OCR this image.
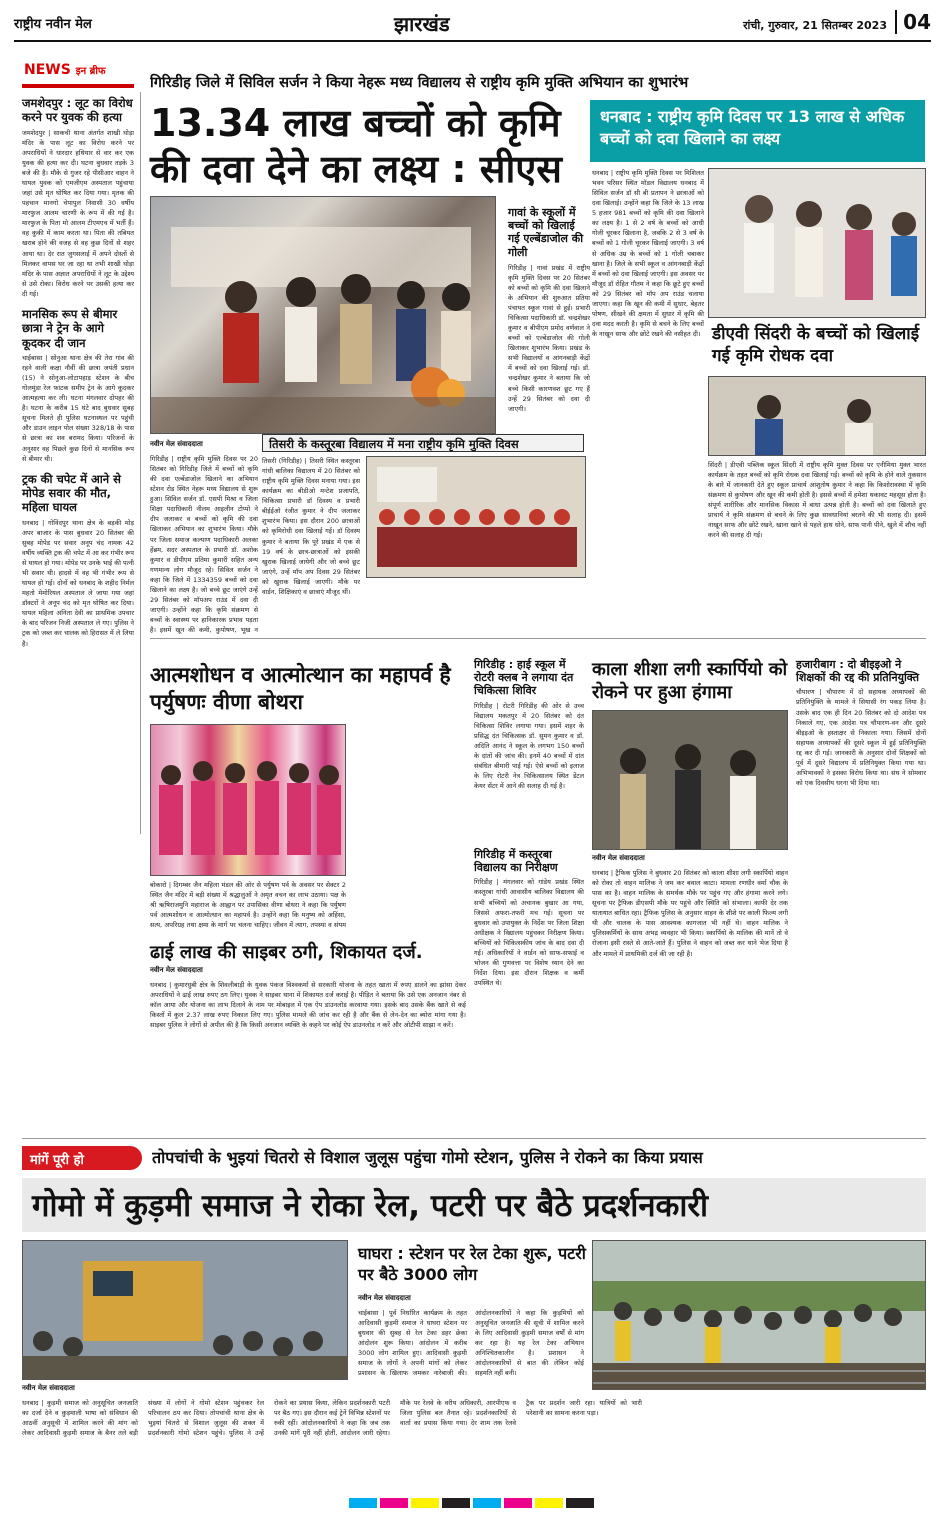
राष्ट्रीय नवीन मेल	झारखंड	रांची, गुरुवार, 21 सितम्बर 2023 04
NEWS इन ब्रीफ
गिरिडीह जिले में सिविल सर्जन ने किया नेहरू मध्य विद्यालय से राष्ट्रीय कृमि मुक्ति अभियान का शुभारंभ
जमशेदपुर : लूट का विरोध करने पर युवक की हत्या

जमशेदपुर | साकची थाना अंतर्गत शाखी घोड़ा मंदिर के पास लूट का विरोध करने पर अपराधियों ने धारदार हथियार से वार कर एक युवक की हत्या कर दी। घटना बुधवार तड़के 3 बजे की है। मौके से गुजर रहे पीसीआर वाहन ने घायल युवक को एमजीएम अस्पताल पहुंचाया जहां उसे मृत घोषित कर दिया गया। मृतक की पहचान मानगो चेपापुल निवासी 30 वर्षीय मारफुज आलम चारणी के रूप में की गई है। मारफुज के पिता मो आलम टीएमएच में भर्ती हैं। वह कुकी में काम करता था। पिता की तबियत खराब होने की वजह से वह कुछ दिनों से शहर आया था। देर रात जुगसलाई में अपने दोस्तों से मिलकर वापस घर जा रहा था तभी शाखी घोड़ा मंदिर के पास अज्ञात अपराधियों ने लूट के उद्देश्य से उसे रोका। विरोध करने पर उसकी हत्या कर दी गई।

मानसिक रूप से बीमार छात्रा ने ट्रेन के आगे कूदकर दी जान

चाईबासा | सोनुआ थाना क्षेत्र की तेरा गांव की रहने वाली कक्षा नौवीं की छात्रा जयंती प्रधान (15) ने सोनुआ-लोटापहाड़ स्टेशन के बीच गोलमुंडा रेल फाटक समीप ट्रेन के आगे कूदकर आत्महत्या कर ली। घटना मंगलवार दोपहर की है। घटना के करीब 15 घंटे बाद बुधवार सुबह सूचना मिलते ही पुलिस घटनास्थल पर पहुंची और डाउन लाइन पोल संख्या 328/18 के पास से छात्रा का शव बरामद किया। परिजनों के अनुसार वह पिछले कुछ दिनों से मानसिक रूप से बीमार थी।

ट्रक की चपेट में आने से मोपेड सवार की मौत, महिला घायल

धनबाद | गोविंदपुर थाना क्षेत्र के बड़की मोड़ अपर बाजार के पास बुधवार 20 सितंबर की सुबह मोपेड पर सवार अनूप चंद नामक 42 वर्षीय व्यक्ति ट्रक की चपेट में आ कर गंभीर रूप से घायल हो गया। मोपेड पर उनके भाई की पत्नी भी सवार थी। हादसे में वह भी गंभीर रूप से घायल हो गई। दोनों को धनबाद के शहीद निर्मल महतो मेमोरियल अस्पताल ले जाया गया जहां डॉक्टरों ने अनूप चंद को मृत घोषित कर दिया। घायल महिला अनिता देवी का प्राथमिक उपचार के बाद परिजन निजी अस्पताल ले गए। पुलिस ने ट्रक को जब्त कर चालक को हिरासत में ले लिया है।

13.34 लाख बच्चों को कृमि
की दवा देने का लक्ष्य : सीएस
नवीन मेल संवाददाता
गिरिडीह | राष्ट्रीय कृमि मुक्ति दिवस पर 20 सितंबर को गिरिडीह जिले में बच्चों को कृमि की दवा एल्बेंडाजोल खिलाने का अभियान स्टेशन रोड स्थित नेहरू मध्य विद्यालय से शुरू हुआ। सिविल सर्जन डॉ. एसपी मिश्रा व जिला शिक्षा पदाधिकारी नीलम आइलीन टोप्पो ने दीप जलाकर व बच्चों को कृमि की दवा खिलाकर अभियान का शुभारंभ किया। मौके पर जिला समाज कल्याण पदाधिकारी अलका हेंब्रम, सदर अस्पताल के प्रभारी डॉ. अशोक कुमार व डीपीएम प्रतिमा कुमारी सहित अन्य गणमान्य लोग मौजूद रहे। सिविल सर्जन ने कहा कि जिले में 1334359 बच्चों को दवा खिलाने का लक्ष्य है। जो बच्चे छूट जाएंगे उन्हें 29 सितंबर को मॉपअप राउंड में दवा दी जाएगी। उन्होंने कहा कि कृमि संक्रमण से बच्चों के स्वास्थ्य पर हानिकारक प्रभाव पड़ता है। इसमें खून की कमी, कुपोषण, भूख न
गावां के स्कूलों में बच्चों को खिलाई गई एल्बेंडाजोल की गोली
गिरिडीह | गावां प्रखंड में राष्ट्रीय कृमि मुक्ति दिवस पर 20 सितंबर को बच्चों को कृमि की दवा खिलाने के अभियान की शुरुआत प्रतिया पंचायत स्कूल गावां से हुई। प्रभारी चिकित्सा पदाधिकारी डॉ. चन्द्रशेखर कुमार व बीपीएम प्रमोद वर्णवाल ने बच्चों को एल्बेंडाजोल की गोली खिलाकर शुभारंभ किया। प्रखंड के सभी विद्यालयों व आंगनबाड़ी केंद्रों में बच्चों को दवा खिलाई गई। डॉ. चन्द्रशेखर कुमार ने बताया कि जो बच्चे किसी कारणवश छूट गए हैं उन्हें 29 सितंबर को दवा दी जाएगी।
तिसरी के कस्तूरबा विद्यालय में मना राष्ट्रीय कृमि मुक्ति दिवस
तिसरी (गिरिडीह) | तिसरी स्थित कस्तूरबा गांधी बालिका विद्यालय में 20 सितंबर को राष्ट्रीय कृमि मुक्ति दिवस मनाया गया। इस कार्यक्रम का बीडीओ मन्टेश प्रजापति, चिकित्सा प्रभारी डॉ दिवस्य व प्रभारी बीईईओ रंजीत कुमार ने दीप जलाकर शुभारंभ किया। इस दौरान 200 छात्राओं को कृमिरोधी दवा खिलाई गई। डॉ दिवस्य कुमार ने बताया कि पूरे प्रखंड में एक से 19 वर्ष के छात्र-छात्राओं को इसकी खुराक खिलाई जायेगी और जो बच्चे छूट जाएंगे, उन्हें मॉप अप दिवस 29 सितंबर को खुराक खिलाई जाएगी। मौके पर वार्डन, शिक्षिकाएं व छात्राएं मौजूद थीं।
धनबाद : राष्ट्रीय कृमि दिवस पर 13 लाख से अधिक बच्चों को दवा खिलाने का लक्ष्य
धनबाद | राष्ट्रीय कृमि मुक्ति दिवस पर मिशिलत भवन परिसर स्थित मॉडल विद्यालय धनबाद में सिविल सर्जन डॉ सी बी प्रतापन ने छात्राओं को दवा खिलाई। उन्होंने कहा कि जिले के 13 लाख 5 हजार 981 बच्चों को कृमि की दवा खिलाने का लक्ष्य है। 1 से 2 वर्ष के बच्चों को आधी गोली चूरकर खिलाना है, जबकि 2 से 3 वर्ष के बच्चों को 1 गोली चूरकर खिलाई जाएगी। 3 वर्ष से अधिक उम्र के बच्चों को 1 गोली चबाकर खाना है। जिले के सभी स्कूल व आंगनबाड़ी केंद्रों में बच्चों को दवा खिलाई जाएगी। इस अवसर पर मौजूद डॉ रोहित गौतम ने कहा कि छूटे हुए बच्चों को 29 सितंबर को मॉप अप राउंड चलाया जाएगा। कहा कि खून की कमी में सुधार, बेहतर पोषण, सीखने की क्षमता में सुधार में कृमि की दवा मदद करती है। कृमि से बचने के लिए बच्चों के नाखून साफ और छोटे रखने की नसीहत दी। डीएवी सिंदरी के बच्चों को खिलाई गई कृमि रोधक दवा
सिंदरी | डीएवी पब्लिक स्कूल सिंदरी में राष्ट्रीय कृमि मुक्त दिवस पर एनीमिया मुक्त भारत कार्यक्रम के तहत बच्चों को कृमि रोधक दवा खिलाई गई। बच्चों को कृमि के होने वाले नुकसान के बारे में जानकारी देते हुए स्कूल प्राचार्य आशुतोष कुमार ने कहा कि किशोरावस्था में कृमि संक्रमण से कुपोषण और खून की कमी होती है। इससे बच्चों में हमेशा थकावट महसूस होता है। संपूर्ण शारीरिक और मानसिक विकास में बाधा उत्पन्न होती है। बच्चों को दवा खिलाते हुए प्राचार्य ने कृमि संक्रमण से बचने के लिए कुछ सावधानियां बरतने की भी सलाह दी। इसमें नाखून साफ और छोटे रखने, खाना खाने से पहले हाथ धोने, साफ पानी पीने, खुले में शौच नहीं करने की सलाह दी गई।
आत्मशोधन व आत्मोत्थान का महापर्व है पर्युषणः वीणा बोथरा
बोकारो | दिगम्बर जैन महिला मंडल की ओर से पर्युषण पर्व के अवसर पर सेक्टर 2 स्थित जैन मंदिर में बड़ी संख्या में श्रद्धालुओं ने अमृत वचन का लाभ उठाया। पक्ष के श्री ऋषिराजमुनि महाराज के आह्वान पर उपासिका वीणा बोथरा ने कहा कि पर्युषण पर्व आत्मशोधन व आत्मोत्थान का महापर्व है। उन्होंने कहा कि मनुष्य को अहिंसा, सत्य, अपरिग्रह तथा क्षमा के मार्ग पर चलना चाहिए। जीवन में त्याग, तपस्या व संयम
ढाई लाख की साइबर ठगी, शिकायत दर्ज.
नवीन मेल संवाददाता
धनबाद | कुमारधुबी क्षेत्र के शिवलीबाड़ी के युवक पंकज विश्वकर्मा से सरकारी योजना के तहत खाता में रुपए डालने का झांसा देकर अपराधियों ने ढाई लाख रुपए ठग लिए। युवक ने साइबर थाना में शिकायत दर्ज कराई है। पीड़ित ने बताया कि उसे एक अनजान नंबर से कॉल आया और योजना का लाभ दिलाने के नाम पर मोबाइल में एक ऐप डाउनलोड करवाया गया। इसके बाद उसके बैंक खाते से कई किस्तों में कुल 2.37 लाख रुपए निकाल लिए गए। पुलिस मामले की जांच कर रही है और बैंक से लेन-देन का ब्योरा मांगा गया है। साइबर पुलिस ने लोगों से अपील की है कि किसी अनजान व्यक्ति के कहने पर कोई ऐप डाउनलोड न करें और ओटीपी साझा न करें।
गिरिडीह : हाई स्कूल में रोटरी क्लब ने लगाया दंत चिकित्सा शिविर
गिरिडीह | रोटरी गिरिडीह की ओर से उच्च विद्यालय मकतपुर में 20 सितंबर को दंत चिकित्सा शिविर लगाया गया। इसमें शहर के प्रसिद्ध दंत चिकित्सक डॉ. सुमन कुमार व डॉ. अदिति आनंद ने स्कूल के लगभग 150 बच्चों के दांतों की जांच की। इनमें 40 बच्चों में दांत संबंधित बीमारी पाई गई। ऐसे बच्चों को इलाज के लिए रोटरी नेत्र चिकित्सालय स्थित डेंटल केयर सेंटर में आने की सलाह दी गई है।
गिरिडीह में कस्तूरबा विद्यालय का निरीक्षण
गिरिडीह | मंगलवार को गांडेय प्रखंड स्थित कस्तूरबा गांधी आवासीय बालिका विद्यालय की सभी बच्चियों को अचानक बुखार आ गया, जिससे अफरा-तफरी मच गई। सूचना पर बुधवार को उपायुक्त के निर्देश पर जिला शिक्षा अधीक्षक ने विद्यालय पहुंचकर निरीक्षण किया। बच्चियों को चिकित्सकीय जांच के बाद दवा दी गई। अधिकारियों ने वार्डन को साफ-सफाई व भोजन की गुणवत्ता पर विशेष ध्यान देने का निर्देश दिया। इस दौरान शिक्षक व कर्मी उपस्थित थे।
काला शीशा लगी स्कार्पियो को रोकने पर हुआ हंगामा
नवीन मेल संवाददाता
धनबाद | ट्रैफिक पुलिस ने बुधवार 20 सितंबर को काला शीशा लगी स्कार्पियो वाहन को रोका तो वाहन मालिक ने जम कर बवाल काटा। मामला रणधीर वर्मा चौक के पास का है। वाहन मालिक के समर्थक मौके पर पहुंच गए और हंगामा करने लगे। सूचना पर ट्रैफिक डीएसपी मौके पर पहुंचे और स्थिति को संभाला। काफी देर तक यातायात बाधित रहा। ट्रैफिक पुलिस के अनुसार वाहन के शीशे पर काली फिल्म लगी थी और चालक के पास आवश्यक कागजात भी नहीं थे। वाहन मालिक ने पुलिसकर्मियों के साथ अभद्र व्यवहार भी किया। स्कार्पियो के मालिक की मानें तो वे रोजाना इसी रास्ते से आते-जाते हैं। पुलिस ने वाहन को जब्त कर थाने भेज दिया है और मामले में प्राथमिकी दर्ज की जा रही है।
हजारीबाग : दो बीइइओ ने शिक्षकों की रद्द की प्रतिनियुक्ति
चौपारण | चौपारण में दो सहायक अध्यापकों की प्रतिनियुक्ति के मामले ने सियासी रंग पकड़ लिया है। उसके बाद एक ही दिन 20 सितंबर को दो आदेश पत्र निकाले गए, एक आदेश पत्र चौपारण-वन और दूसरे बीइइओ के हस्ताक्षर से निकाला गया। जिसमें दोनों सहायक अध्यापकों की दूसरे स्कूल में हुई प्रतिनियुक्ति रद्द कर दी गई। जानकारी के अनुसार दोनों शिक्षकों को पूर्व में दूसरे विद्यालय में प्रतिनियुक्त किया गया था। अभिभावकों ने इसका विरोध किया था। संघ ने सोमवार को एक दिवसीय धरना भी दिया था।
मांगें पूरी हो	तोपचांची के भुइयां चितरो से विशाल जुलूस पहुंचा गोमो स्टेशन, पुलिस ने रोकने का किया प्रयास
गोमो में कुड़मी समाज ने रोका रेल, पटरी पर बैठे प्रदर्शनकारी
नवीन मेल संवाददाता
धनबाद | कुड़मी समाज को अनुसूचित जनजाति का दर्जा देने व कुड़माली भाषा को संविधान की आठवीं अनुसूची में शामिल करने की मांग को लेकर आदिवासी कुड़मी समाज के बैनर तले बड़ी संख्या में लोगों ने गोमो स्टेशन पहुंचकर रेल परिचालन ठप कर दिया। तोपचांची थाना क्षेत्र के भुइयां चितरो से विशाल जुलूस की शक्ल में प्रदर्शनकारी गोमो स्टेशन पहुंचे। पुलिस ने उन्हें रोकने का प्रयास किया, लेकिन प्रदर्शनकारी पटरी पर बैठ गए। इस दौरान कई ट्रेनें विभिन्न स्टेशनों पर रुकी रहीं। आंदोलनकारियों ने कहा कि जब तक उनकी मांगें पूरी नहीं होतीं, आंदोलन जारी रहेगा। मौके पर रेलवे के वरीय अधिकारी, आरपीएफ व जिला पुलिस बल तैनात रहे। प्रदर्शनकारियों से वार्ता का प्रयास किया गया। देर शाम तक रेलवे ट्रैक पर प्रदर्शन जारी रहा। यात्रियों को भारी परेशानी का सामना करना पड़ा।
घाघरा : स्टेशन पर रेल टेका शुरू, पटरी पर बैठे 3000 लोग
नवीन मेल संवाददाता
चाईबासा | पूर्व निर्धारित कार्यक्रम के तहत आदिवासी कुड़मी समाज ने घाघरा स्टेशन पर बुधवार की सुबह से रेल टेका डहर छेका आंदोलन शुरू किया। आंदोलन में करीब 3000 लोग शामिल हुए। आदिवासी कुड़मी समाज के लोगों ने अपनी मांगों को लेकर प्रशासन के खिलाफ जमकर नारेबाजी की। आंदोलनकारियों ने कहा कि कुड़मियों को अनुसूचित जनजाति की सूची में शामिल करने के लिए आदिवासी कुड़मी समाज वर्षों से मांग कर रहा है। यह रेल टेका अभियान अनिश्चितकालीन है। प्रशासन ने आंदोलनकारियों से बात की लेकिन कोई सहमति नहीं बनी।
